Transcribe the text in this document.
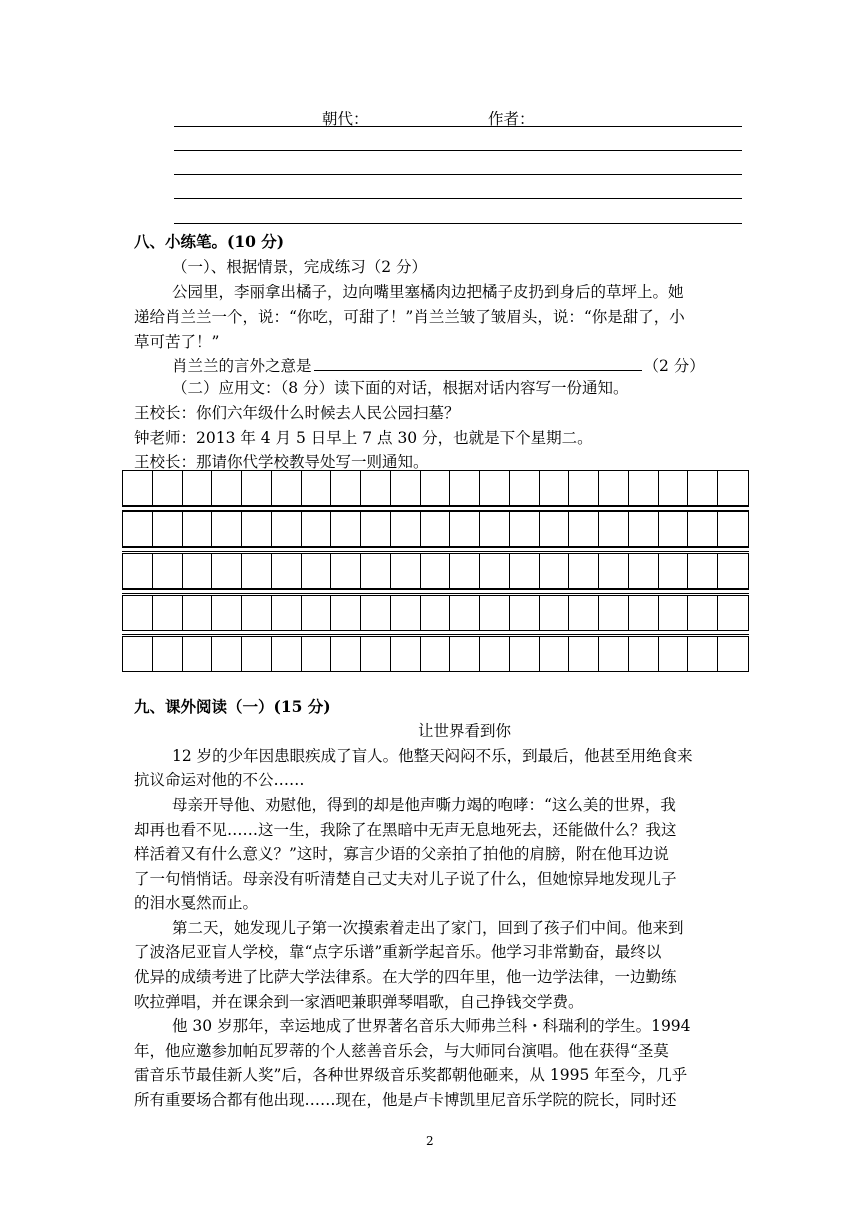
朝代：	作者：
八、小练笔。(10 分)
（一）、根据情景，完成练习（2 分）
公园里，李丽拿出橘子，边向嘴里塞橘肉边把橘子皮扔到身后的草坪上。她
递给肖兰兰一个，说：“你吃，可甜了！”肖兰兰皱了皱眉头，说：“你是甜了，小
草可苦了！”
肖兰兰的言外之意是	（2 分）
（二）应用文：（8 分）读下面的对话，根据对话内容写一份通知。
王校长：你们六年级什么时候去人民公园扫墓？
钟老师：2013 年 4 月 5 日早上 7 点 30 分，也就是下个星期二。
王校长：那请你代学校教导处写一则通知。
九、课外阅读（一）(15 分)
让世界看到你
12 岁的少年因患眼疾成了盲人。他整天闷闷不乐，到最后，他甚至用绝食来
抗议命运对他的不公……
母亲开导他、劝慰他，得到的却是他声嘶力竭的咆哮：“这么美的世界，我
却再也看不见……这一生，我除了在黑暗中无声无息地死去，还能做什么？我这
样活着又有什么意义？”这时，寡言少语的父亲拍了拍他的肩膀，附在他耳边说
了一句悄悄话。母亲没有听清楚自己丈夫对儿子说了什么，但她惊异地发现儿子
的泪水戛然而止。
第二天，她发现儿子第一次摸索着走出了家门，回到了孩子们中间。他来到
了波洛尼亚盲人学校，靠“点字乐谱”重新学起音乐。他学习非常勤奋，最终以
优异的成绩考进了比萨大学法律系。在大学的四年里，他一边学法律，一边勤练
吹拉弹唱，并在课余到一家酒吧兼职弹琴唱歌，自己挣钱交学费。
他 30 岁那年，幸运地成了世界著名音乐大师弗兰科・科瑞利的学生。1994
年，他应邀参加帕瓦罗蒂的个人慈善音乐会，与大师同台演唱。他在获得“圣莫
雷音乐节最佳新人奖”后，各种世界级音乐奖都朝他砸来，从 1995 年至今，几乎
所有重要场合都有他出现……现在，他是卢卡博凯里尼音乐学院的院长，同时还
2
